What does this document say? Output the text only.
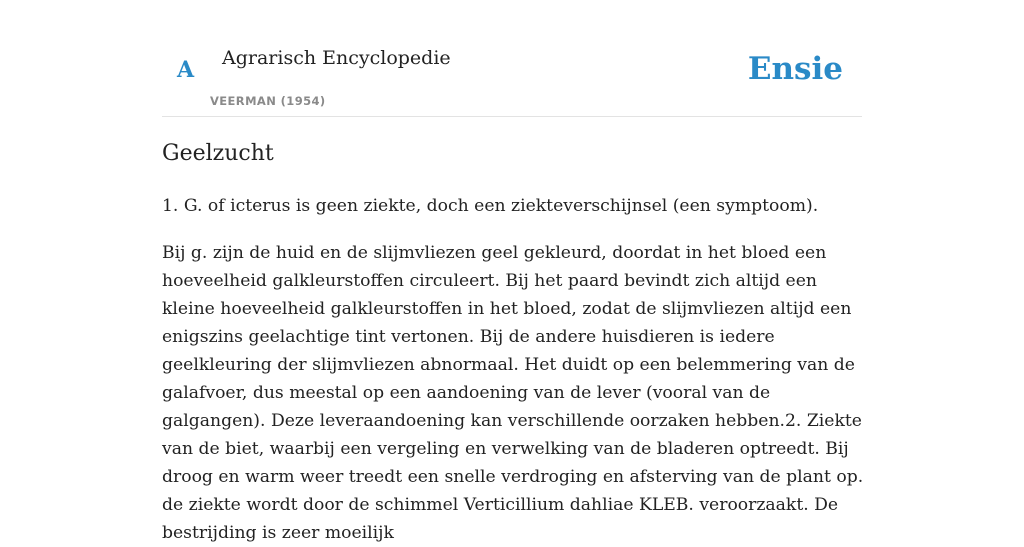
A Agrarisch Encyclopedie
VEERMAN (1954)
Ensie
Geelzucht

1. G. of icterus is geen ziekte, doch een ziekteverschijnsel (een symptoom).

Bij g. zijn de huid en de slijmvliezen geel gekleurd, doordat in het bloed een hoeveelheid galkleurstoffen circuleert. Bij het paard bevindt zich altijd een kleine hoeveelheid galkleurstoffen in het bloed, zodat de slijmvliezen altijd een enigszins geelachtige tint vertonen. Bij de andere huisdieren is iedere geelkleuring der slijmvliezen abnormaal. Het duidt op een belemmering van de galafvoer, dus meestal op een aandoening van de lever (vooral van de galgangen). Deze leveraandoening kan verschillende oorzaken hebben.2. Ziekte van de biet, waarbij een vergeling en verwelking van de bladeren optreedt. Bij droog en warm weer treedt een snelle verdroging en afsterving van de plant op. de ziekte wordt door de schimmel Verticillium dahliae KLEB. veroorzaakt. De bestrijding is zeer moeilijk
